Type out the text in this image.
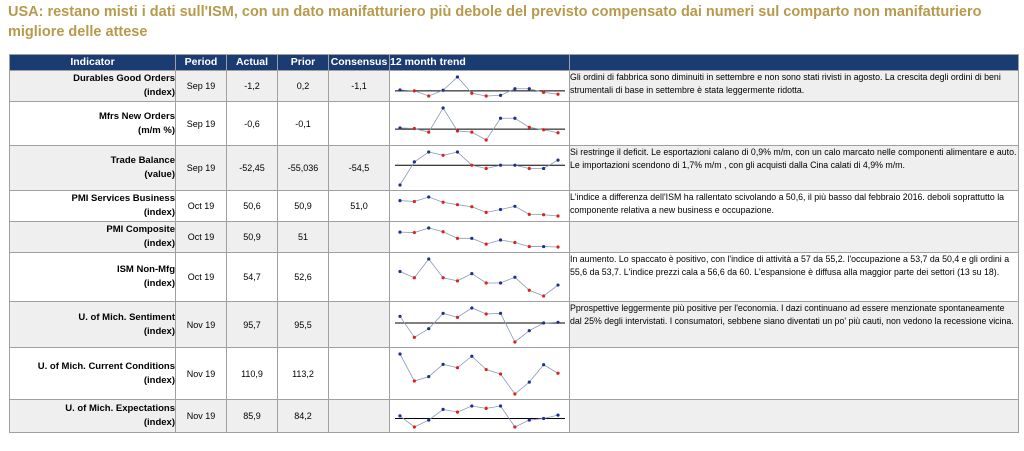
USA: restano misti i dati sull'ISM, con un dato manifatturiero più debole del previsto compensato dai numeri sul comparto non manifatturiero migliore delle attese
Indicator	Period	Actual	Prior	Consensus	12 month trend	

Durables Good Orders
(index)	Sep 19	-1,2	0,2	-1,1		Gli ordini di fabbrica sono diminuiti in settembre e non sono stati rivisti in agosto. La crescita degli ordini di beni strumentali di base in settembre è stata leggermente ridotta.

Mfrs New Orders
(m/m %)	Sep 19	-0,6	-0,1		

Trade Balance
(value)	Sep 19	-52,45	-55,036	-54,5		Si restringe il deficit. Le esportazioni calano di 0,9% m/m, con un calo marcato nelle componenti alimentare e auto. Le importazioni scendono di 1,7% m/m , con gli acquisti dalla Cina calati di 4,9% m/m.

PMI Services Business
(index)	Oct 19	50,6	50,9	51,0		L'indice a differenza dell'ISM ha rallentato scivolando a 50,6, il più basso dal febbraio 2016. deboli soprattutto la componente relativa a new business e occupazione.

PMI Composite
(index)	Oct 19	50,9	51		

ISM Non-Mfg
(index)	Oct 19	54,7	52,6			In aumento. Lo spaccato è positivo, con l'indice di attività a 57 da 55,2. l'occupazione a 53,7 da 50,4 e gli ordini a 55,6 da 53,7. L'indice prezzi cala a 56,6 da 60. L'espansione è diffusa alla maggior parte dei settori (13 su 18).

U. of Mich. Sentiment
(index)	Nov 19	95,7	95,5			Pprospettive leggermente più positive per l'economia. I dazi continuano ad essere menzionate spontaneamente dal 25% degli intervistati. I consumatori, sebbene siano diventati un po' più cauti, non vedono la recessione vicina.

U. of Mich. Current Conditions
(index)	Nov 19	110,9	113,2		

U. of Mich. Expectations
(index)	Nov 19	85,9	84,2		
